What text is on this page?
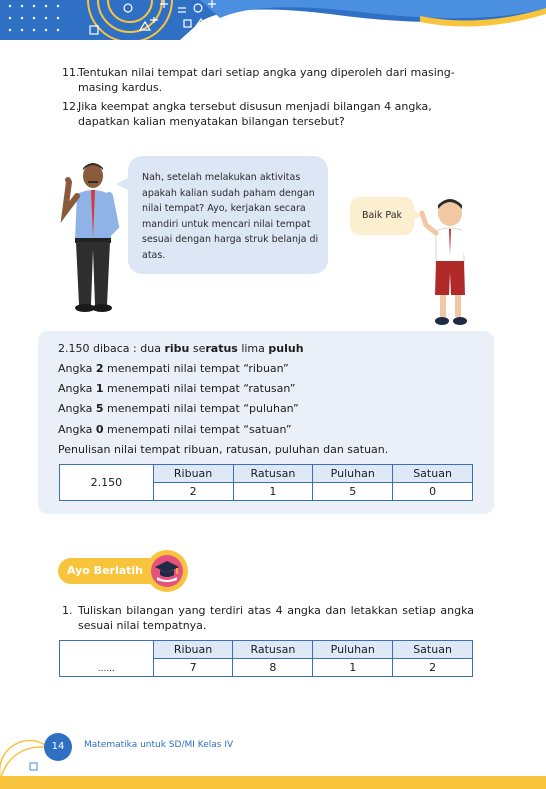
11.
Tentukan nilai tempat dari setiap angka yang diperoleh dari masing-masing kardus.
12.
Jika keempat angka tersebut disusun menjadi bilangan 4 angka, dapatkan kalian menyatakan bilangan tersebut?
Nah, setelah melakukan aktivitas apakah kalian sudah paham dengan nilai tempat? Ayo, kerjakan secara mandiri untuk mencari nilai tempat sesuai dengan harga struk belanja di atas.
Baik Pak
2.150 dibaca : dua ribu seratus lima puluh
Angka 2 menempati nilai tempat “ribuan”
Angka 1 menempati nilai tempat “ratusan”
Angka 5 menempati nilai tempat “puluhan”
Angka 0 menempati nilai tempat “satuan”
Penulisan nilai tempat ribuan, ratusan, puluhan dan satuan.
2.150	Ribuan	Ratusan	Puluhan	Satuan
	2	1	5	0
Ayo Berlatih
1. Tuliskan bilangan yang terdiri atas 4 angka dan letakkan setiap angka sesuai nilai tempatnya.
......	Ribuan	Ratusan	Puluhan	Satuan
	7	8	1	2
14	Matematika untuk SD/MI Kelas IV
